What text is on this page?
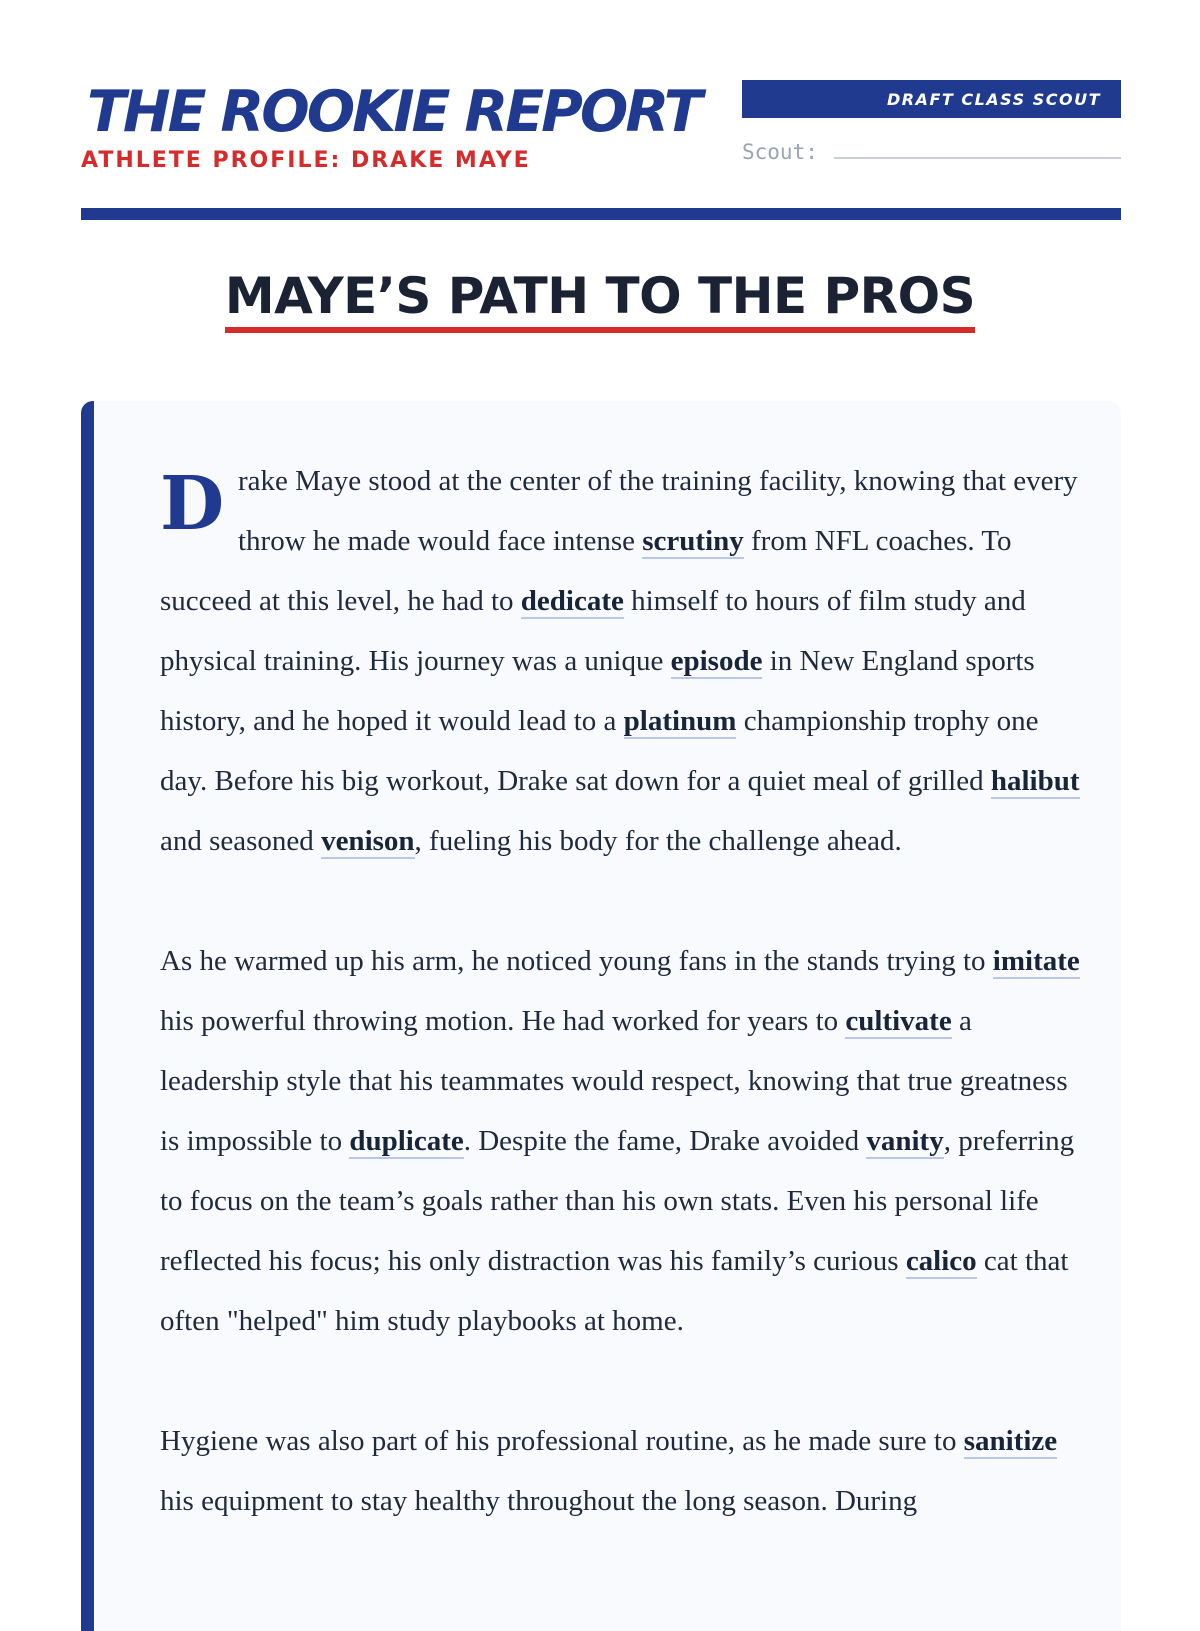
THE ROOKIE REPORT
ATHLETE PROFILE: DRAKE MAYE
DRAFT CLASS SCOUT
Scout:
MAYE’S PATH TO THE PROS

Drake Maye stood at the center of the training facility, knowing that every throw he made would face intense scrutiny from NFL coaches. To succeed at this level, he had to dedicate himself to hours of film study and physical training. His journey was a unique episode in New England sports history, and he hoped it would lead to a platinum championship trophy one day. Before his big workout, Drake sat down for a quiet meal of grilled halibut and seasoned venison, fueling his body for the challenge ahead.

As he warmed up his arm, he noticed young fans in the stands trying to imitate his powerful throwing motion. He had worked for years to cultivate a leadership style that his teammates would respect, knowing that true greatness is impossible to duplicate. Despite the fame, Drake avoided vanity, preferring to focus on the team’s goals rather than his own stats. Even his personal life reflected his focus; his only distraction was his family’s curious calico cat that often "helped" him study playbooks at home.

Hygiene was also part of his professional routine, as he made sure to sanitize his equipment to stay healthy throughout the long season. During
